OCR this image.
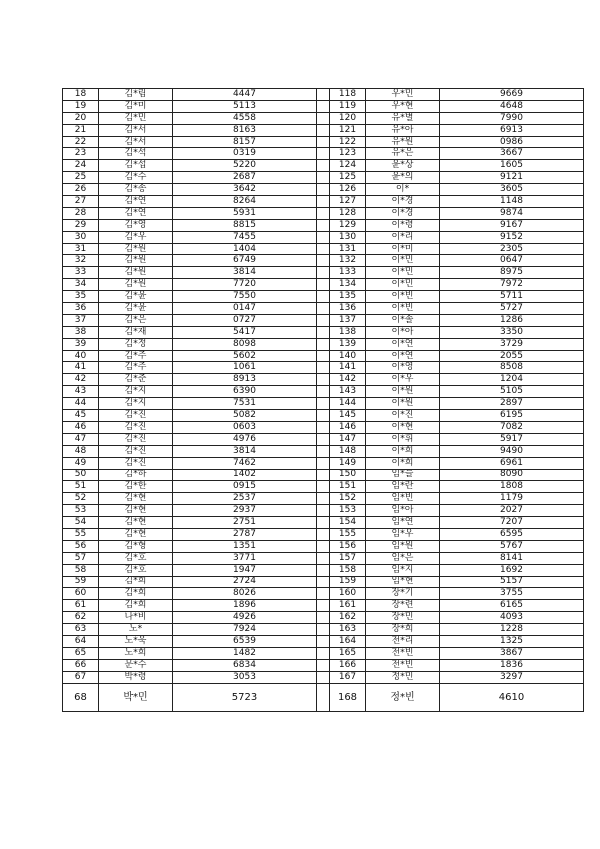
18	김*림	4447		118	우*민	9669
19	김*미	5113		119	우*현	4648
20	김*민	4558		120	유*별	7990
21	김*서	8163		121	유*아	6913
22	김*서	8157		122	유*원	0986
23	김*석	0319		123	유*은	3667
24	김*섭	5220		124	윤*상	1605
25	김*수	2687		125	윤*의	9121
26	김*송	3642		126	이*	3605
27	김*연	8264		127	이*경	1148
28	김*연	5931		128	이*경	9874
29	김*영	8815		129	이*령	9167
30	김*우	7455		130	이*리	9152
31	김*원	1404		131	이*미	2305
32	김*원	6749		132	이*민	0647
33	김*원	3814		133	이*민	8975
34	김*원	7720		134	이*민	7972
35	김*윤	7550		135	이*빈	5711
36	김*윤	0147		136	이*빈	5727
37	김*은	0727		137	이*솔	1286
38	김*재	5417		138	이*아	3350
39	김*정	8098		139	이*연	3729
40	김*주	5602		140	이*연	2055
41	김*주	1061		141	이*영	8508
42	김*준	8913		142	이*우	1204
43	김*지	6390		143	이*원	5105
44	김*지	7531		144	이*원	2897
45	김*진	5082		145	이*진	6195
46	김*진	0603		146	이*현	7082
47	김*진	4976		147	이*휘	5917
48	김*진	3814		148	이*희	9490
49	김*진	7462		149	이*희	6961
50	김*하	1402		150	임*늘	8090
51	김*한	0915		151	임*란	1808
52	김*현	2537		152	임*빈	1179
53	김*현	2937		153	임*아	2027
54	김*현	2751		154	임*연	7207
55	김*현	2787		155	임*우	6595
56	김*형	1351		156	임*원	5767
57	김*호	3771		157	임*은	8141
58	김*호	1947		158	임*지	1692
59	김*희	2724		159	임*현	5157
60	김*희	8026		160	장*기	3755
61	김*희	1896		161	장*련	6165
62	나*비	4926		162	장*민	4093
63	노*	7924		163	장*희	1228
64	노*욱	6539		164	전*리	1325
65	노*희	1482		165	전*빈	3867
66	문*수	6834		166	전*빈	1836
67	박*령	3053		167	정*민	3297
68	박*민	5723		168	정*빈	4610
